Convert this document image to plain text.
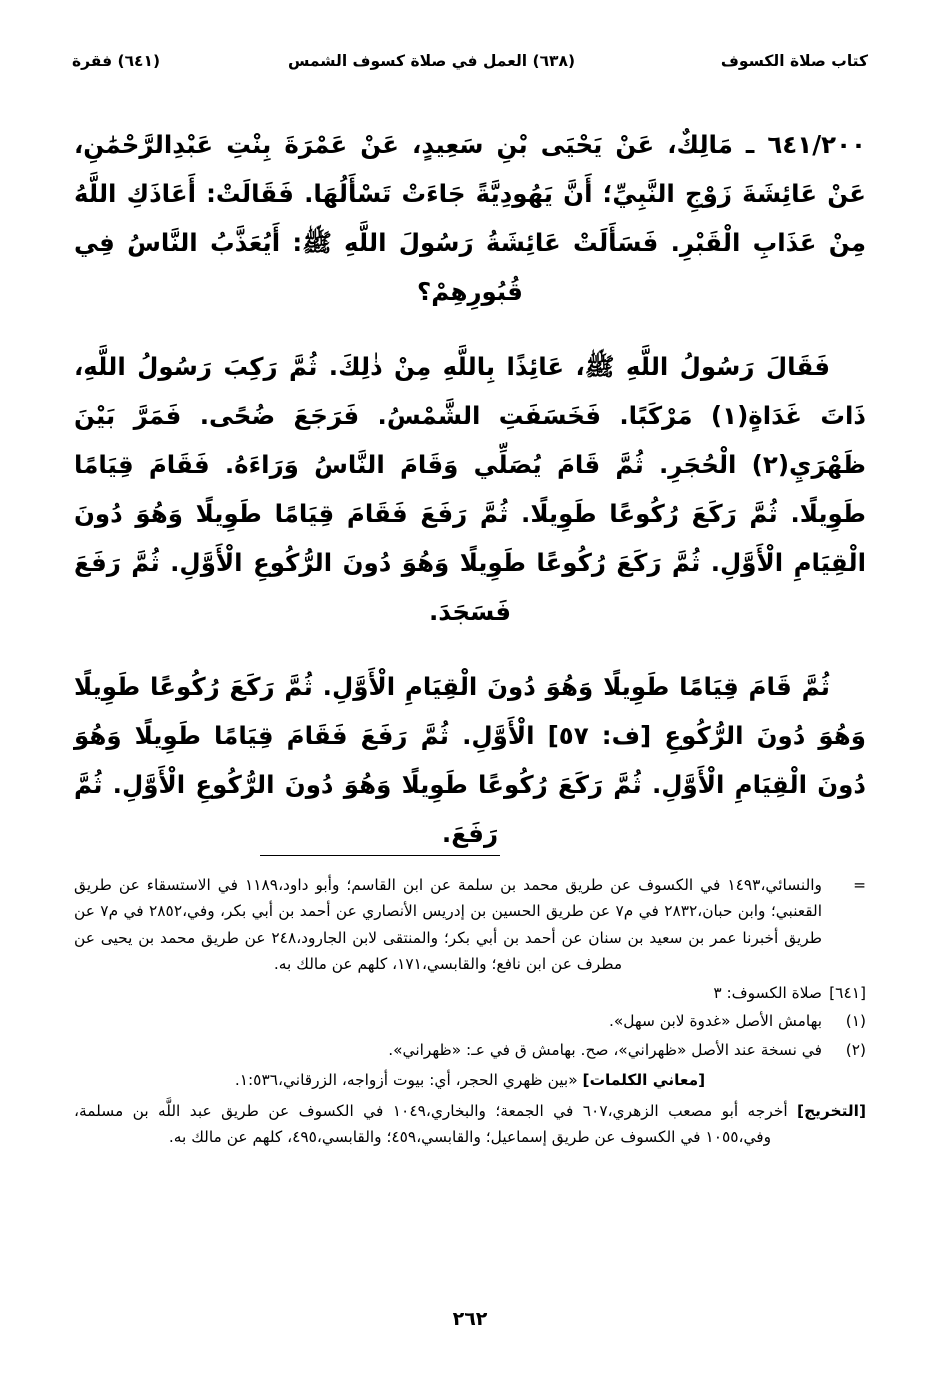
كتاب صلاة الكسوف
(٦٣٨) العمل في صلاة كسوف الشمس
(٦٤١) فقرة

٦٤١/٢٠٠ ـ مَالِكٌ، عَنْ يَحْيَى بْنِ سَعِيدٍ، عَنْ عَمْرَةَ بِنْتِ عَبْدِالرَّحْمَٰنِ، عَنْ عَائِشَةَ زَوْجِ النَّبِيِّ؛ أَنَّ يَهُودِيَّةً جَاءَتْ تَسْأَلُهَا. فَقَالَتْ: أَعَاذَكِ اللَّهُ مِنْ عَذَابِ الْقَبْرِ. فَسَأَلَتْ عَائِشَةُ رَسُولَ اللَّهِ ﷺ: أَيُعَذَّبُ النَّاسُ فِي قُبُورِهِمْ؟

فَقَالَ رَسُولُ اللَّهِ ﷺ، عَائِذًا بِاللَّهِ مِنْ ذٰلِكَ. ثُمَّ رَكِبَ رَسُولُ اللَّهِ، ذَاتَ غَدَاةٍ(١) مَرْكَبًا. فَخَسَفَتِ الشَّمْسُ. فَرَجَعَ ضُحًى. فَمَرَّ بَيْنَ ظَهْرَيِ(٢) الْحُجَرِ. ثُمَّ قَامَ يُصَلِّي وَقَامَ النَّاسُ وَرَاءَهُ. فَقَامَ قِيَامًا طَوِيلًا. ثُمَّ رَكَعَ رُكُوعًا طَوِيلًا. ثُمَّ رَفَعَ فَقَامَ قِيَامًا طَوِيلًا وَهُوَ دُونَ الْقِيَامِ الْأَوَّلِ. ثُمَّ رَكَعَ رُكُوعًا طَوِيلًا وَهُوَ دُونَ الرُّكُوعِ الْأَوَّلِ. ثُمَّ رَفَعَ فَسَجَدَ.

ثُمَّ قَامَ قِيَامًا طَوِيلًا وَهُوَ دُونَ الْقِيَامِ الْأَوَّلِ. ثُمَّ رَكَعَ رُكُوعًا طَوِيلًا وَهُوَ دُونَ الرُّكُوعِ [ف: ٥٧] الْأَوَّلِ. ثُمَّ رَفَعَ فَقَامَ قِيَامًا طَوِيلًا وَهُوَ دُونَ الْقِيَامِ الْأَوَّلِ. ثُمَّ رَكَعَ رُكُوعًا طَوِيلًا وَهُوَ دُونَ الرُّكُوعِ الْأَوَّلِ. ثُمَّ رَفَعَ.

=
والنسائي،١٤٩٣ في الكسوف عن طريق محمد بن سلمة عن ابن القاسم؛ وأبو داود،١١٨٩ في الاستسقاء عن طريق القعنبي؛ وابن حبان،٢٨٣٢ في م٧ عن طريق الحسين بن إدريس الأنصاري عن أحمد بن أبي بكر، وفي،٢٨٥٢ في م٧ عن طريق أخبرنا عمر بن سعيد بن سنان عن أحمد بن أبي بكر؛ والمنتقى لابن الجارود،٢٤٨ عن طريق محمد بن يحيى عن مطرف عن ابن نافع؛ والقابسي،١٧١، كلهم عن مالك به.
[٦٤١]
صلاة الكسوف: ٣
(١)
بهامش الأصل «غدوة لابن سهل».
(٢)
في نسخة عند الأصل «ظهراني»، صح. بهامش ق في عـ: «ظهراني».
[معاني الكلمات] «بين ظهري الحجر، أي: بيوت أزواجه، الزرقاني،١:٥٣٦.
[التخريج] أخرجه أبو مصعب الزهري،٦٠٧ في الجمعة؛ والبخاري،١٠٤٩ في الكسوف عن طريق عبد اللَّه بن مسلمة، وفي،١٠٥٥ في الكسوف عن طريق إسماعيل؛ والقابسي،٤٥٩؛ والقابسي،٤٩٥، كلهم عن مالك به.
٢٦٢
